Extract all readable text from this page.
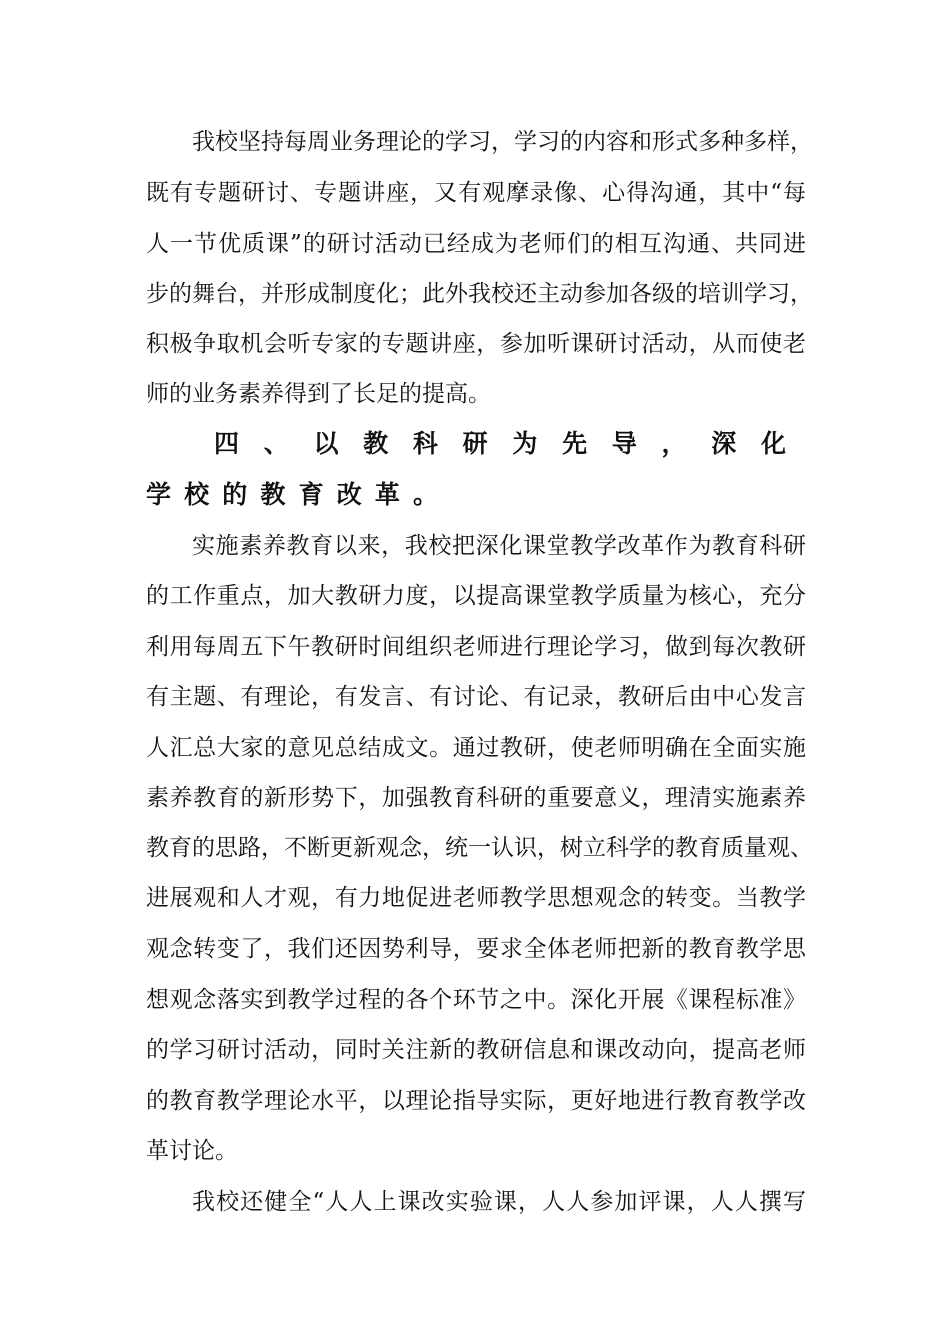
我校坚持每周业务理论的学习，学习的内容和形式多种多样，
既有专题研讨、专题讲座，又有观摩录像、心得沟通，其中“每
人一节优质课”的研讨活动已经成为老师们的相互沟通、共同进
步的舞台，并形成制度化；此外我校还主动参加各级的培训学习，
积极争取机会听专家的专题讲座，参加听课研讨活动，从而使老
师的业务素养得到了长足的提高。
四、以教科研为先导，深化
学校的教育改革。
实施素养教育以来，我校把深化课堂教学改革作为教育科研
的工作重点，加大教研力度，以提高课堂教学质量为核心，充分
利用每周五下午教研时间组织老师进行理论学习，做到每次教研
有主题、有理论，有发言、有讨论、有记录，教研后由中心发言
人汇总大家的意见总结成文。通过教研，使老师明确在全面实施
素养教育的新形势下，加强教育科研的重要意义，理清实施素养
教育的思路，不断更新观念，统一认识，树立科学的教育质量观、
进展观和人才观，有力地促进老师教学思想观念的转变。当教学
观念转变了，我们还因势利导，要求全体老师把新的教育教学思
想观念落实到教学过程的各个环节之中。深化开展《课程标准》
的学习研讨活动，同时关注新的教研信息和课改动向，提高老师
的教育教学理论水平，以理论指导实际，更好地进行教育教学改
革讨论。
我校还健全“人人上课改实验课，人人参加评课，人人撰写
